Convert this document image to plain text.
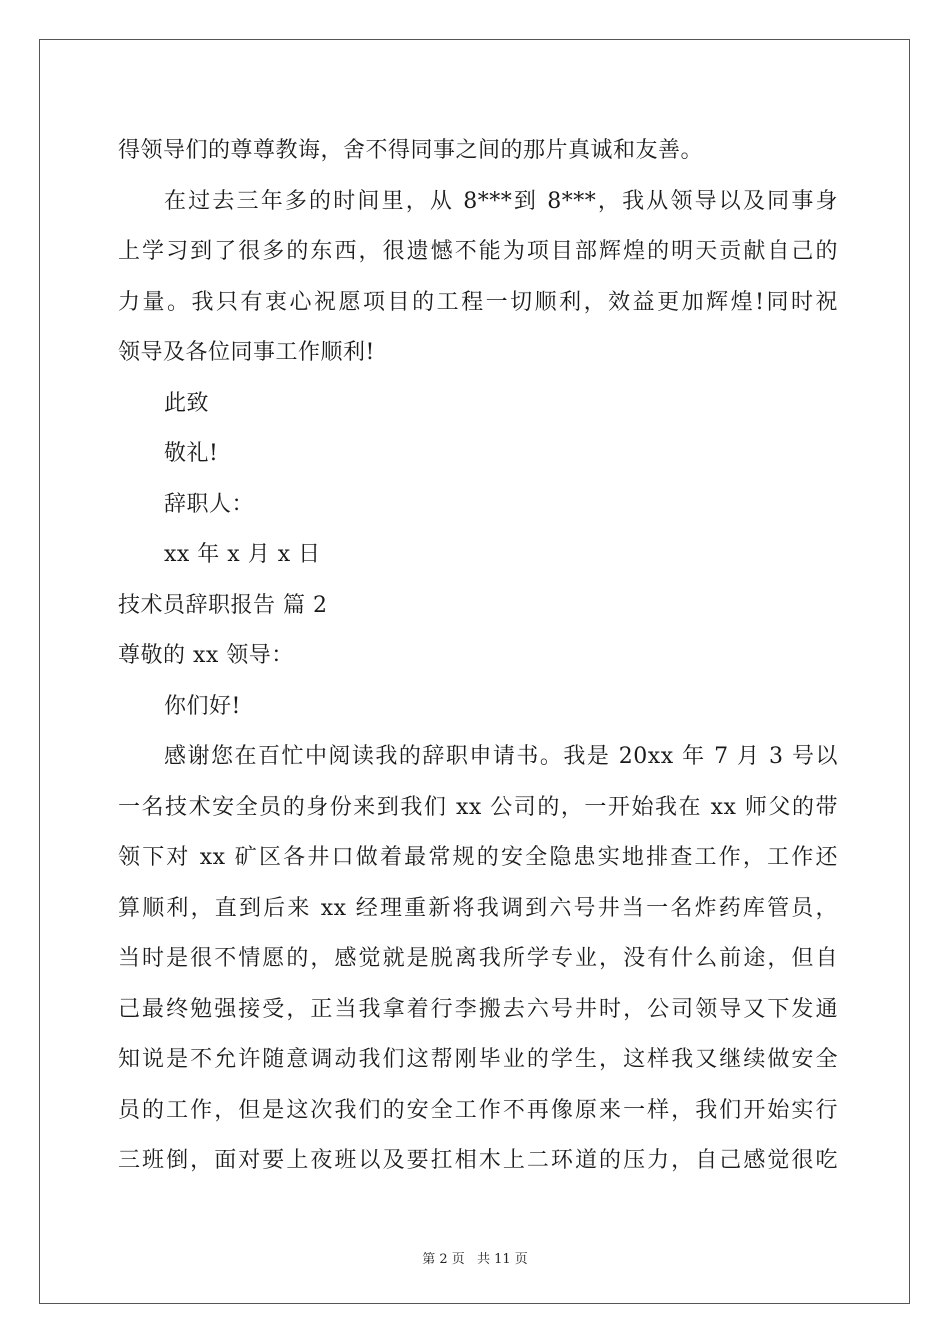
得领导们的尊尊教诲，舍不得同事之间的那片真诚和友善。
在过去三年多的时间里，从 8***到 8***，我从领导以及同事身
上学习到了很多的东西，很遗憾不能为项目部辉煌的明天贡献自己的
力量。我只有衷心祝愿项目的工程一切顺利，效益更加辉煌!同时祝
领导及各位同事工作顺利!
此致
敬礼!
辞职人：
xx 年 x 月 x 日
技术员辞职报告 篇 2
尊敬的 xx 领导：
你们好!
感谢您在百忙中阅读我的辞职申请书。我是 20xx 年 7 月 3 号以
一名技术安全员的身份来到我们 xx 公司的，一开始我在 xx 师父的带
领下对 xx 矿区各井口做着最常规的安全隐患实地排查工作，工作还
算顺利，直到后来 xx 经理重新将我调到六号井当一名炸药库管员，
当时是很不情愿的，感觉就是脱离我所学专业，没有什么前途，但自
己最终勉强接受，正当我拿着行李搬去六号井时，公司领导又下发通
知说是不允许随意调动我们这帮刚毕业的学生，这样我又继续做安全
员的工作，但是这次我们的安全工作不再像原来一样，我们开始实行
三班倒，面对要上夜班以及要扛相木上二环道的压力，自己感觉很吃
第 2 页 共 11 页
